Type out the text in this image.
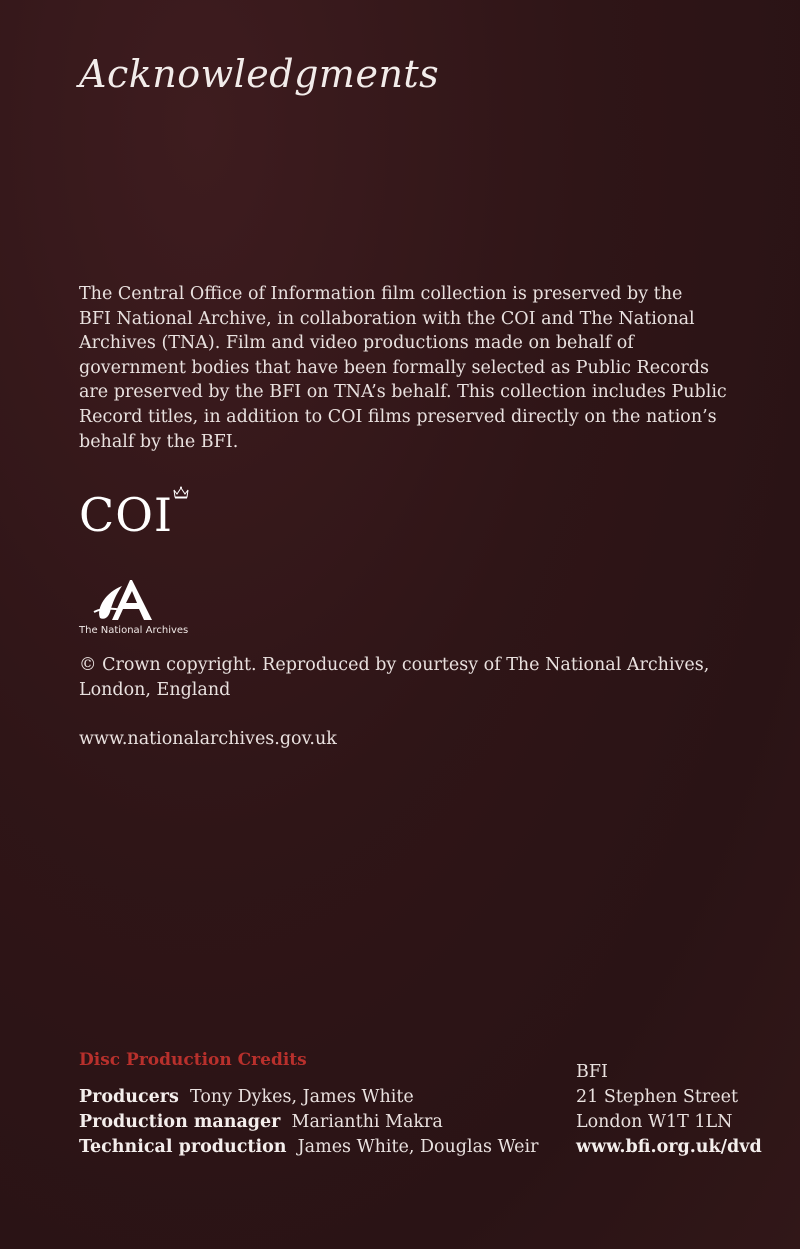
Acknowledgments

The Central Office of Information film collection is preserved by the
BFI National Archive, in collaboration with the COI and The National
Archives (TNA). Film and video productions made on behalf of
government bodies that have been formally selected as Public Records
are preserved by the BFI on TNA’s behalf. This collection includes Public
Record titles, in addition to COI films preserved directly on the nation’s
behalf by the BFI.

COI
The National Archives

© Crown copyright. Reproduced by courtesy of The National Archives,
London, England

www.nationalarchives.gov.uk
Disc Production Credits
Producers Tony Dykes, James White
Production manager Marianthi Makra
Technical production James White, Douglas Weir
BFI
21 Stephen Street
London W1T 1LN
www.bfi.org.uk/dvd
